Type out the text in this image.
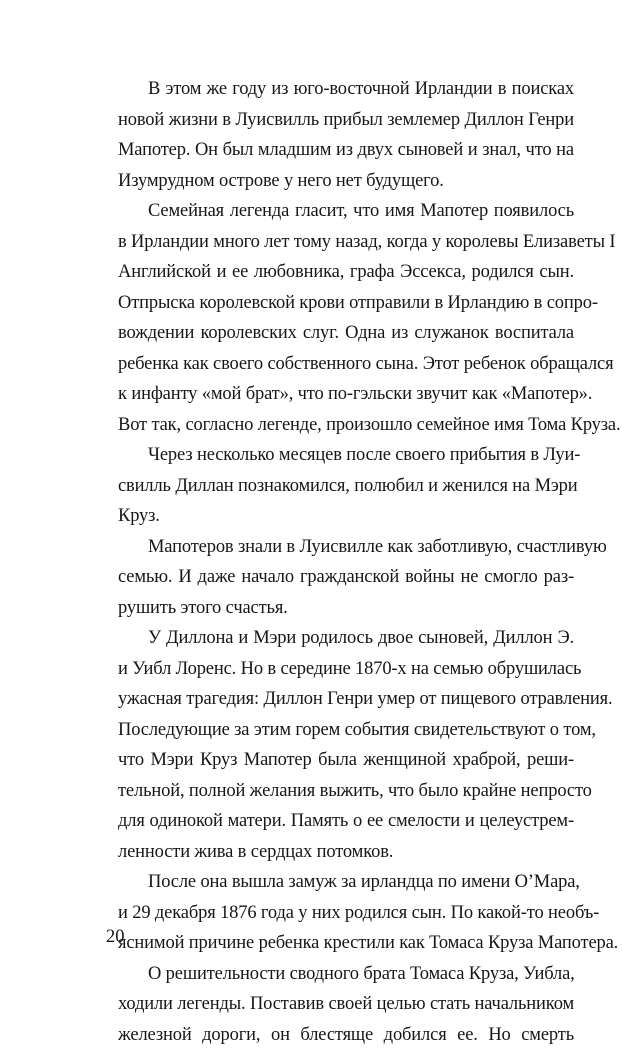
В этом же году из юго-восточной Ирландии в поисках
новой жизни в Луисвилль прибыл землемер Диллон Генри
Мапотер. Он был младшим из двух сыновей и знал, что на
Изумрудном острове у него нет будущего.
Семейная легенда гласит, что имя Мапотер появилось
в Ирландии много лет тому назад, когда у королевы Елизаветы I
Английской и ее любовника, графа Эссекса, родился сын.
Отпрыска королевской крови отправили в Ирландию в сопро-
вождении королевских слуг. Одна из служанок воспитала
ребенка как своего собственного сына. Этот ребенок обращался
к инфанту «мой брат», что по-гэльски звучит как «Мапотер».
Вот так, согласно легенде, произошло семейное имя Тома Круза.
Через несколько месяцев после своего прибытия в Луи-
свилль Диллан познакомился, полюбил и женился на Мэри
Круз.
Мапотеров знали в Луисвилле как заботливую, счастливую
семью. И даже начало гражданской войны не смогло раз-
рушить этого счастья.
У Диллона и Мэри родилось двое сыновей, Диллон Э.
и Уибл Лоренс. Но в середине 1870-х на семью обрушилась
ужасная трагедия: Диллон Генри умер от пищевого отравления.
Последующие за этим горем события свидетельствуют о том,
что Мэри Круз Мапотер была женщиной храброй, реши-
тельной, полной желания выжить, что было крайне непросто
для одинокой матери. Память о ее смелости и целеустрем-
ленности жива в сердцах потомков.
После она вышла замуж за ирландца по имени О’Мара,
и 29 декабря 1876 года у них родился сын. По какой-то необъ-
яснимой причине ребенка крестили как Томаса Круза Мапотера.
О решительности сводного брата Томаса Круза, Уибла,
ходили легенды. Поставив своей целью стать начальником
железной дороги, он блестяще добился ее. Но смерть
20
